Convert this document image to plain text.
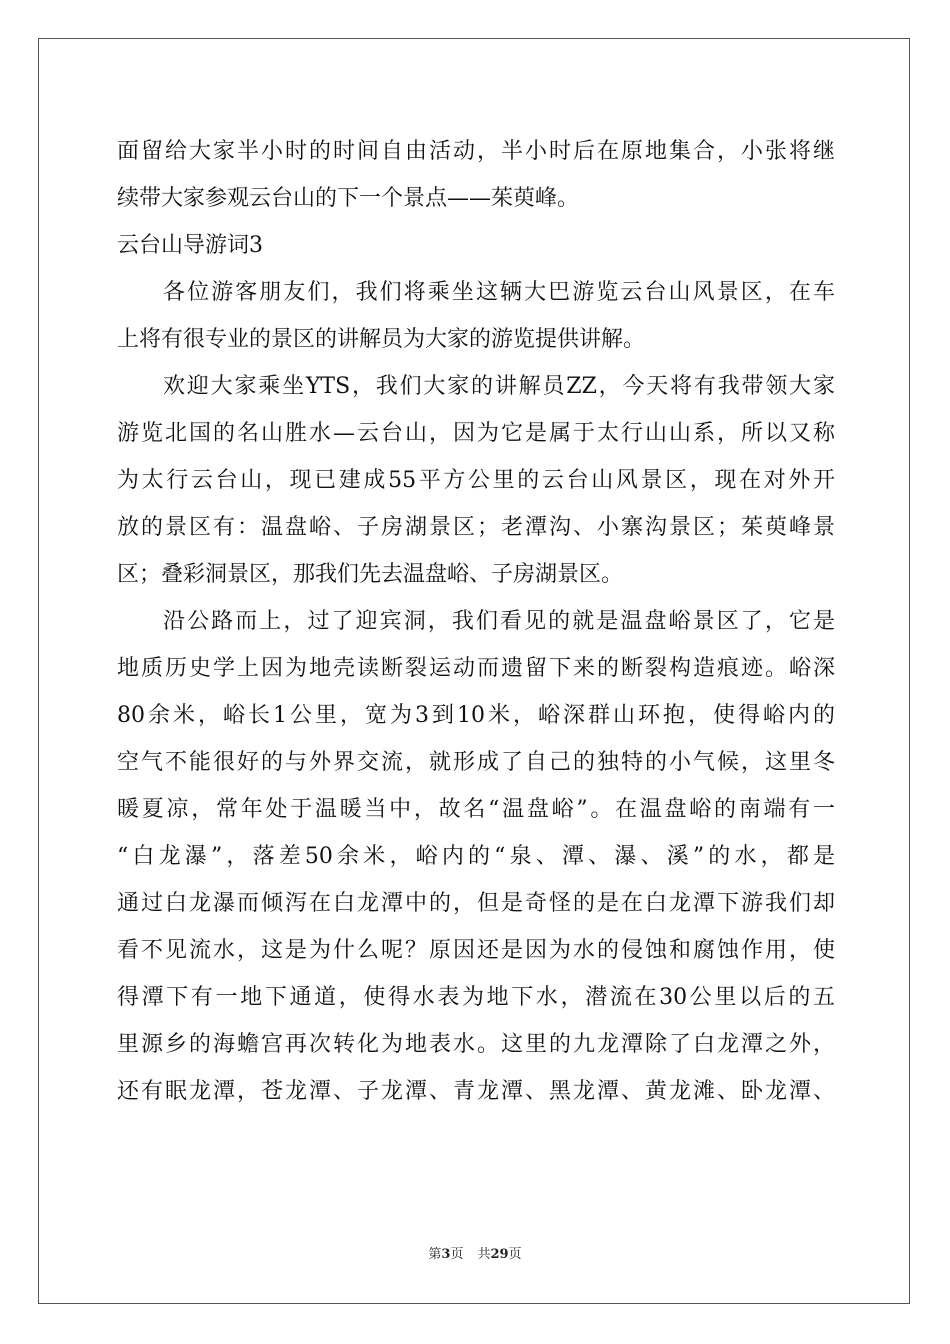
面留给大家半小时的时间自由活动，半小时后在原地集合，小张将继
续带大家参观云台山的下一个景点——茱萸峰。
云台山导游词3
各位游客朋友们，我们将乘坐这辆大巴游览云台山风景区，在车
上将有很专业的景区的讲解员为大家的游览提供讲解。
欢迎大家乘坐YTS，我们大家的讲解员ZZ，今天将有我带领大家
游览北国的名山胜水—云台山，因为它是属于太行山山系，所以又称
为太行云台山，现已建成55平方公里的云台山风景区，现在对外开
放的景区有：温盘峪、子房湖景区；老潭沟、小寨沟景区；茱萸峰景
区；叠彩洞景区，那我们先去温盘峪、子房湖景区。
沿公路而上，过了迎宾洞，我们看见的就是温盘峪景区了，它是
地质历史学上因为地壳读断裂运动而遗留下来的断裂构造痕迹。峪深
80余米，峪长1公里，宽为3到10米，峪深群山环抱，使得峪内的
空气不能很好的与外界交流，就形成了自己的独特的小气候，这里冬
暖夏凉，常年处于温暖当中，故名“温盘峪”。在温盘峪的南端有一
“白龙瀑”，落差50余米，峪内的“泉、潭、瀑、溪”的水，都是
通过白龙瀑而倾泻在白龙潭中的，但是奇怪的是在白龙潭下游我们却
看不见流水，这是为什么呢？原因还是因为水的侵蚀和腐蚀作用，使
得潭下有一地下通道，使得水表为地下水，潜流在30公里以后的五
里源乡的海蟾宫再次转化为地表水。这里的九龙潭除了白龙潭之外，
还有眠龙潭，苍龙潭、子龙潭、青龙潭、黑龙潭、黄龙滩、卧龙潭、
第3页 共29页
